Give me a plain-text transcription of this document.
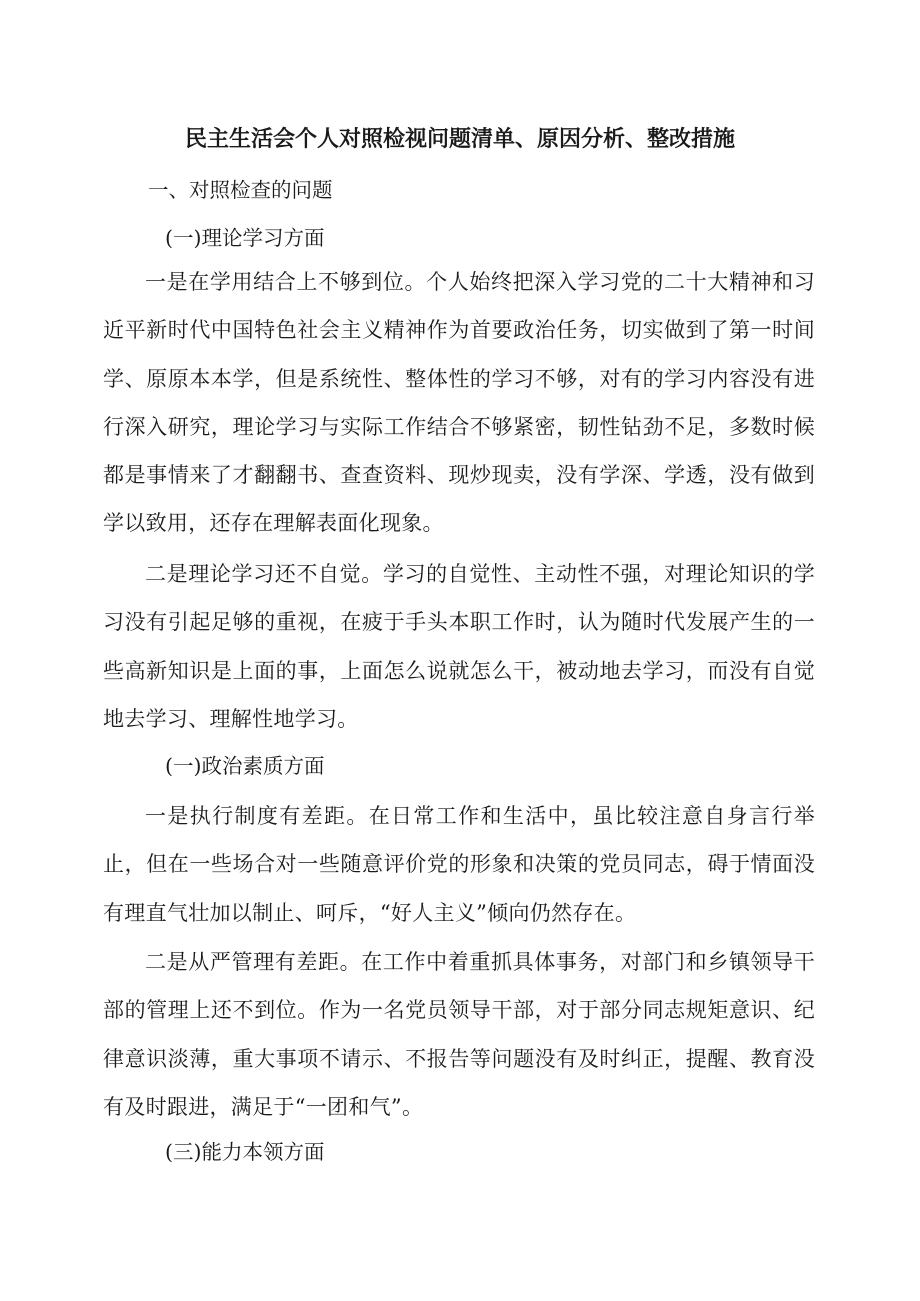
民主生活会个人对照检视问题清单、原因分析、整改措施
一、对照检查的问题
(一)理论学习方面

一是在学用结合上不够到位。个人始终把深入学习党的二十大精神和习近平新时代中国特色社会主义精神作为首要政治任务，切实做到了第一时间学、原原本本学，但是系统性、整体性的学习不够，对有的学习内容没有进行深入研究，理论学习与实际工作结合不够紧密，韧性钻劲不足，多数时候都是事情来了才翻翻书、查查资料、现炒现卖，没有学深、学透，没有做到学以致用，还存在理解表面化现象。

二是理论学习还不自觉。学习的自觉性、主动性不强，对理论知识的学习没有引起足够的重视，在疲于手头本职工作时，认为随时代发展产生的一些高新知识是上面的事，上面怎么说就怎么干，被动地去学习，而没有自觉地去学习、理解性地学习。

(一)政治素质方面

一是执行制度有差距。在日常工作和生活中，虽比较注意自身言行举止，但在一些场合对一些随意评价党的形象和决策的党员同志，碍于情面没有理直气壮加以制止、呵斥，“好人主义”倾向仍然存在。

二是从严管理有差距。在工作中着重抓具体事务，对部门和乡镇领导干部的管理上还不到位。作为一名党员领导干部，对于部分同志规矩意识、纪律意识淡薄，重大事项不请示、不报告等问题没有及时纠正，提醒、教育没有及时跟进，满足于“一团和气”。

(三)能力本领方面
